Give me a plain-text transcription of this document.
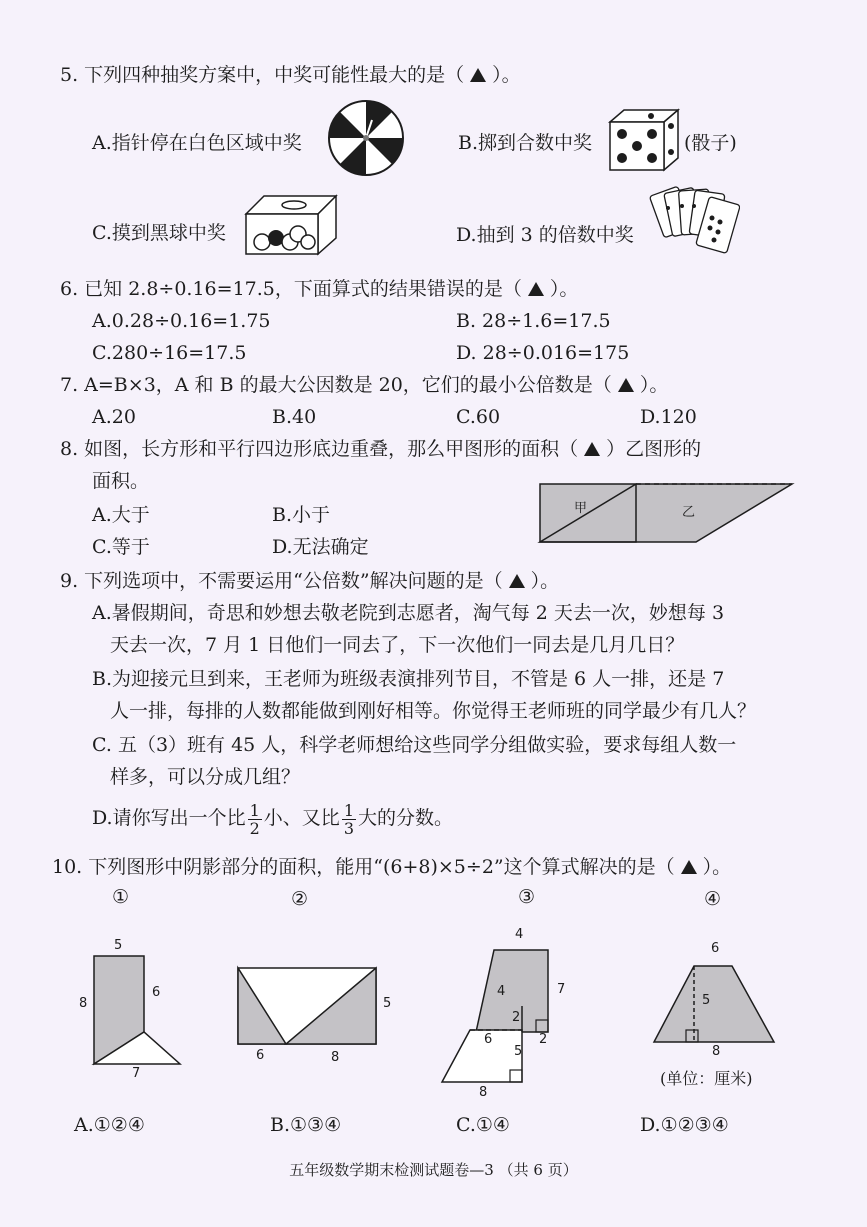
5. 下列四种抽奖方案中，中奖可能性最大的是（ ）。
A.指针停在白色区域中奖	B.掷到合数中奖	(骰子)
C.摸到黑球中奖	D.抽到 3 的倍数中奖
6. 已知 2.8÷0.16=17.5，下面算式的结果错误的是（ ）。
A.0.28÷0.16=1.75	B. 28÷1.6=17.5
C.280÷16=17.5	D. 28÷0.016=175
7. A=B×3，A 和 B 的最大公因数是 20，它们的最小公倍数是（ ）。
A.20	B.40	C.60	D.120
8. 如图，长方形和平行四边形底边重叠，那么甲图形的面积（ ）乙图形的
面积。
A.大于	B.小于
C.等于	D.无法确定
甲	乙
9. 下列选项中，不需要运用“公倍数”解决问题的是（ ）。
A.暑假期间，奇思和妙想去敬老院到志愿者，淘气每 2 天去一次，妙想每 3
天去一次，7 月 1 日他们一同去了，下一次他们一同去是几月几日？
B.为迎接元旦到来，王老师为班级表演排列节目，不管是 6 人一排，还是 7
人一排，每排的人数都能做到刚好相等。你觉得王老师班的同学最少有几人？
C. 五（3）班有 45 人，科学老师想给这些同学分组做实验，要求每组人数一
样多，可以分成几组？
D.请你写出一个比 $\frac{1}{2}$ 小、又比 $\frac{1}{3}$ 大的分数。
10. 下列图形中阴影部分的面积，能用“(6+8)×5÷2”这个算式解决的是（ ）。
①	②	③	④
5
8
6
7
5
6	8
4
7
4
2
2
6
5
8
6
5
8
(单位：厘米)
A.①②④	B.①③④	C.①④	D.①②③④
五年级数学期末检测试题卷—3 （共 6 页）
